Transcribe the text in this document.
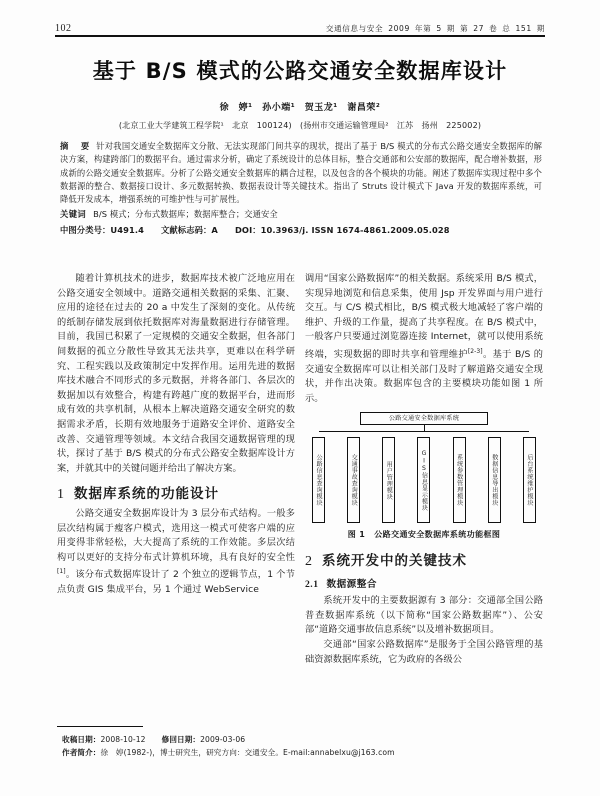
102	交通信息与安全 2009 年第 5 期 第 27 卷 总 151 期
基于 B/S 模式的公路交通安全数据库设计
徐　婷¹ 孙小端¹ 贺玉龙¹ 谢昌荣²
(北京工业大学建筑工程学院¹　北京　100124)　(扬州市交通运输管理局²　江苏　扬州　225002)

摘　要 针对我国交通安全数据库文分散、无法实现部门间共享的现状，提出了基于 B/S 模式的分布式公路交通安全数据库的解决方案，构建跨部门的数据平台。通过需求分析，确定了系统设计的总体目标，整合交通部和公安部的数据库，配合增补数据，形成新的公路交通安全数据库。分析了公路交通安全数据库的耦合过程，以及包含的各个模块的功能。阐述了数据库实现过程中多个数据源的整合、数据接口设计、多元数据转换、数据表设计等关键技术。指出了 Struts 设计模式下 Java 开发的数据库系统，可降低开发成本，增强系统的可维护性与可扩展性。

关键词 B/S 模式；分布式数据库；数据库整合；交通安全

中图分类号：U491.4 文献标志码：A DOI：10.3963/j. ISSN 1674-4861.2009.05.028

随着计算机技术的进步，数据库技术被广泛地应用在公路交通安全领域中。道路交通相关数据的采集、汇聚、应用的途径在过去的 20 a 中发生了深刻的变化。从传统的纸制存储发展到依托数据库对海量数据进行存储管理。目前，我国已积累了一定规模的交通安全数据，但各部门间数据的孤立分散性导致其无法共享，更难以在科学研究、工程实践以及政策制定中发挥作用。运用先进的数据库技术融合不同形式的多元数据，并将各部门、各层次的数据加以有效整合，构建有跨越广度的数据平台，进而形成有效的共享机制，从根本上解决道路交通安全研究的数据需求矛盾，长期有效地服务于道路安全评价、道路安全改善、交通管理等领域。本文结合我国交通数据管理的现状，探讨了基于 B/S 模式的分布式公路安全数据库设计方案，并就其中的关键问题并给出了解决方案。

1 数据库系统的功能设计

公路交通安全数据库设计为 3 层分布式结构。一般多层次结构属于瘦客户模式，选用这一模式可使客户端的应用变得非常轻松，大大提高了系统的工作效能。多层次结构可以更好的支持分布式计算机环境，具有良好的安全性[1]。该分布式数据库设计了 2 个独立的逻辑节点，1 个节点负责 GIS 集成平台，另 1 个通过 WebService

调用“国家公路数据库”的相关数据。系统采用 B/S 模式，实现异地浏览和信息采集，使用 Jsp 开发界面与用户进行交互。与 C/S 模式相比，B/S 模式极大地减轻了客户端的维护、升级的工作量，提高了共享程度。在 B/S 模式中，一般客户只要通过浏览器连接 Internet，就可以使用系统终端，实现数据的即时共享和管理维护[2-3]。基于 B/S 的交通安全数据库可以让相关部门及时了解道路交通安全现状，并作出决策。数据库包含的主要模块功能如图 1 所示。

公路交通安全数据库系统
公路信息查询模块	交通事故查询模块	用户管理模块	GIS信息显示模块	系统参数管理模块	数据信息导出模块	后台系统维护模块
图 1 公路交通安全数据库系统功能框图
2 系统开发中的关键技术
2.1 数据源整合

系统开发中的主要数据源有 3 部分：交通部全国公路普查数据库系统（以下简称“国家公路数据库”）、公安部“道路交通事故信息系统”以及增补数据项目。

交通部“国家公路数据库”是服务于全国公路管理的基础资源数据库系统，它为政府的各级公

收稿日期：2008-10-12 修回日期：2009-03-06
作者简介：徐　婷(1982-)，博士研究生，研究方向：交通安全。E-mail:annabelxu@j163.com
